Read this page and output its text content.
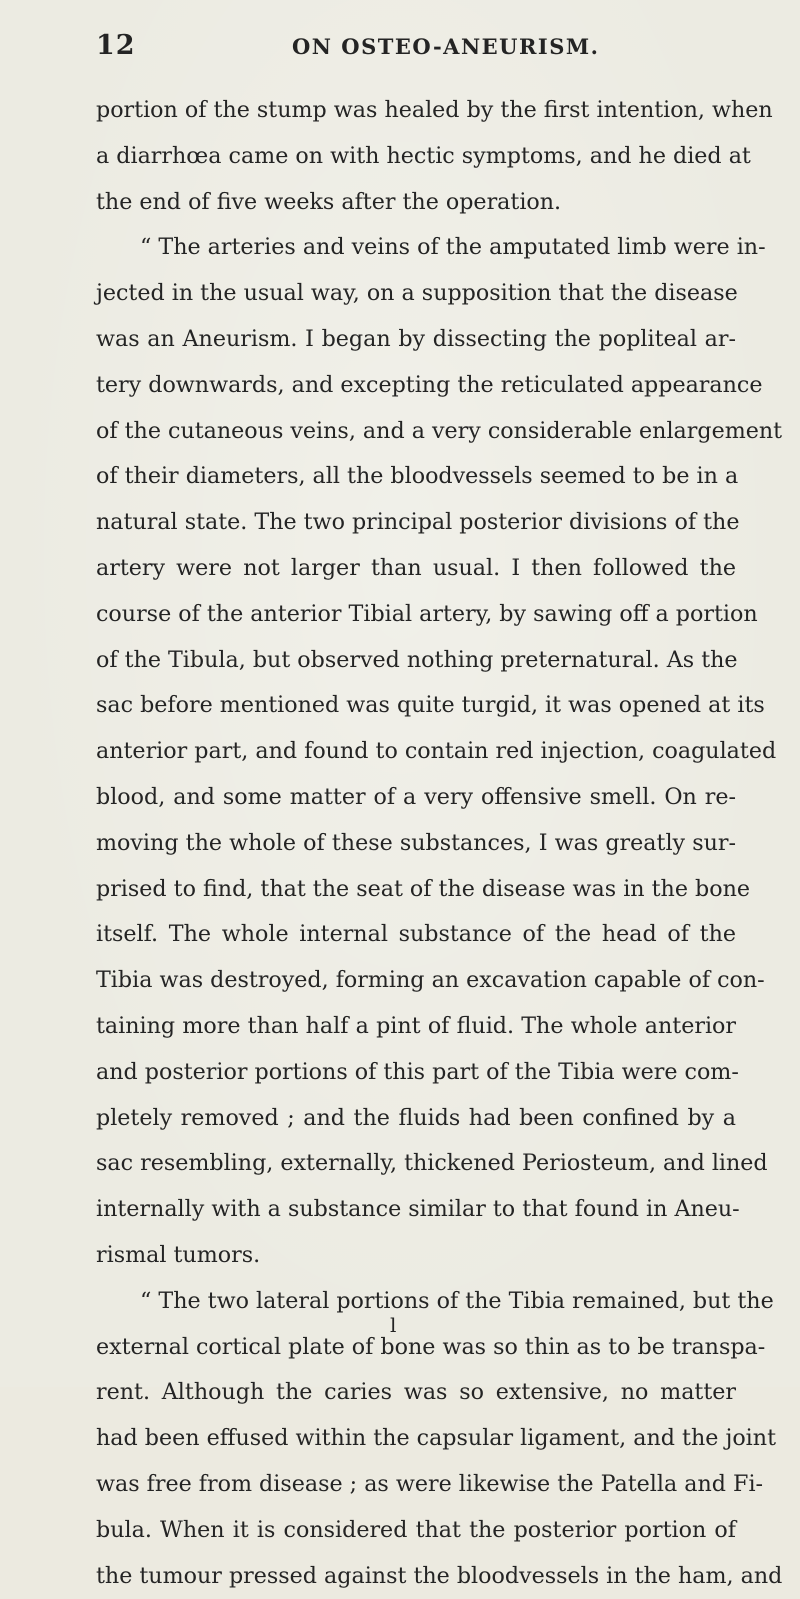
12	ON OSTEO-ANEURISM.
portion of the stump was healed by the first intention, when
a diarrhœa came on with hectic symptoms, and he died at
the end of five weeks after the operation.
“ The arteries and veins of the amputated limb were in-
jected in the usual way, on a supposition that the disease
was an Aneurism. I began by dissecting the popliteal ar-
tery downwards, and excepting the reticulated appearance
of the cutaneous veins, and a very considerable enlargement
of their diameters, all the bloodvessels seemed to be in a
natural state. The two principal posterior divisions of the
artery were not larger than usual. I then followed the
course of the anterior Tibial artery, by sawing off a portion
of the Tibula, but observed nothing preternatural. As the
sac before mentioned was quite turgid, it was opened at its
anterior part, and found to contain red injection, coagulated
blood, and some matter of a very offensive smell. On re-
moving the whole of these substances, I was greatly sur-
prised to find, that the seat of the disease was in the bone
itself. The whole internal substance of the head of the
Tibia was destroyed, forming an excavation capable of con-
taining more than half a pint of fluid. The whole anterior
and posterior portions of this part of the Tibia were com-
pletely removed ; and the fluids had been confined by a
sac resembling, externally, thickened Periosteum, and lined
internally with a substance similar to that found in Aneu-
rismal tumors.
“ The two lateral portions of the Tibia remained, but the
external cortical plate of bone was so thin as to be transpa-
rent. Although the caries was so extensive, no matter
had been effused within the capsular ligament, and the joint
was free from disease ; as were likewise the Patella and Fi-
bula. When it is considered that the posterior portion of
the tumour pressed against the bloodvessels in the ham, and
l
